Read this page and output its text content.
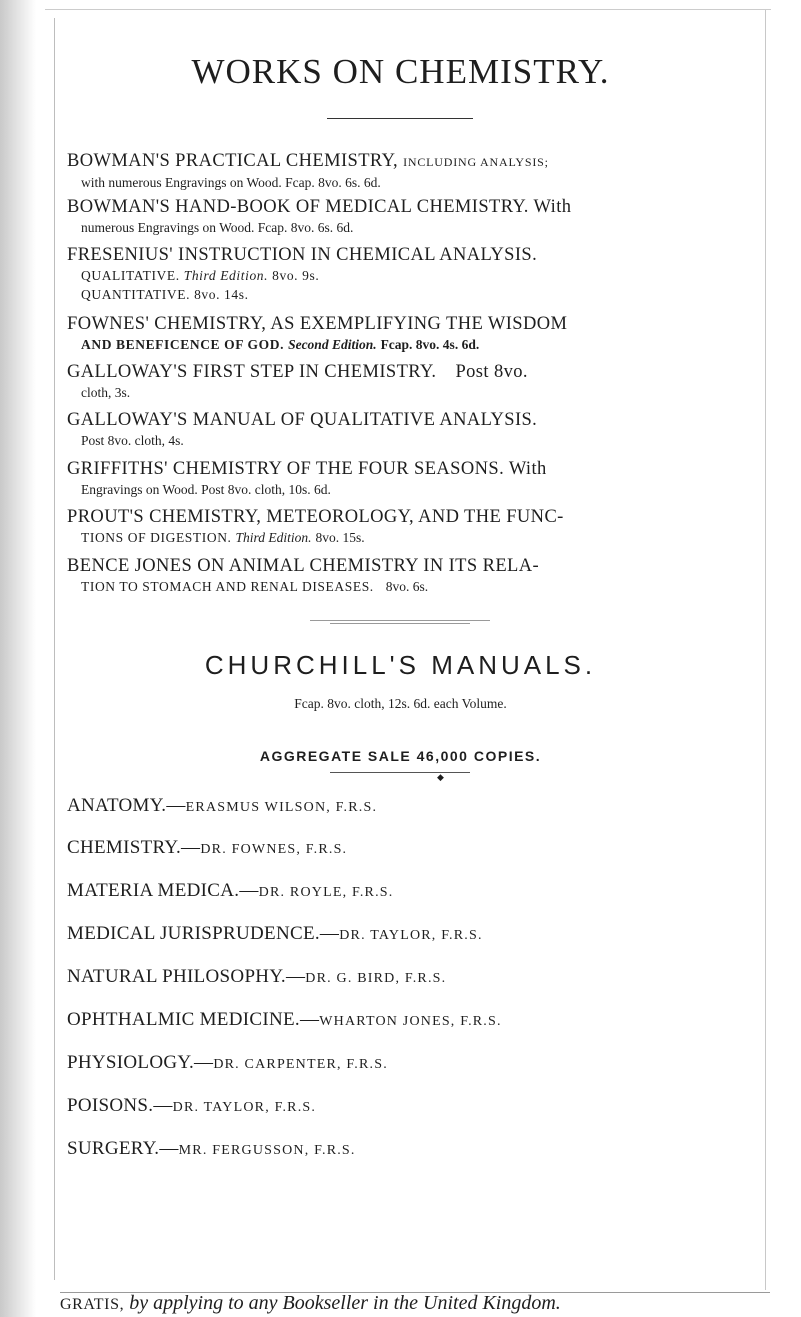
WORKS ON CHEMISTRY.
BOWMAN'S PRACTICAL CHEMISTRY, INCLUDING ANALYSIS;
with numerous Engravings on Wood. Fcap. 8vo. 6s. 6d.
BOWMAN'S HAND-BOOK OF MEDICAL CHEMISTRY. With
numerous Engravings on Wood. Fcap. 8vo. 6s. 6d.
FRESENIUS' INSTRUCTION IN CHEMICAL ANALYSIS.
QUALITATIVE. Third Edition. 8vo. 9s.
QUANTITATIVE. 8vo. 14s.
FOWNES' CHEMISTRY, AS EXEMPLIFYING THE WISDOM
AND BENEFICENCE OF GOD. Second Edition. Fcap. 8vo. 4s. 6d.
GALLOWAY'S FIRST STEP IN CHEMISTRY. Post 8vo.
cloth, 3s.
GALLOWAY'S MANUAL OF QUALITATIVE ANALYSIS.
Post 8vo. cloth, 4s.
GRIFFITHS' CHEMISTRY OF THE FOUR SEASONS. With
Engravings on Wood. Post 8vo. cloth, 10s. 6d.
PROUT'S CHEMISTRY, METEOROLOGY, AND THE FUNC-
TIONS OF DIGESTION. Third Edition. 8vo. 15s.
BENCE JONES ON ANIMAL CHEMISTRY IN ITS RELA-
TION TO STOMACH AND RENAL DISEASES. 8vo. 6s.
CHURCHILL'S MANUALS.
Fcap. 8vo. cloth, 12s. 6d. each Volume.
AGGREGATE SALE 46,000 COPIES.
◆
ANATOMY.—ERASMUS WILSON, F.R.S.
CHEMISTRY.—DR. FOWNES, F.R.S.
MATERIA MEDICA.—DR. ROYLE, F.R.S.
MEDICAL JURISPRUDENCE.—DR. TAYLOR, F.R.S.
NATURAL PHILOSOPHY.—DR. G. BIRD, F.R.S.
OPHTHALMIC MEDICINE.—WHARTON JONES, F.R.S.
PHYSIOLOGY.—DR. CARPENTER, F.R.S.
POISONS.—DR. TAYLOR, F.R.S.
SURGERY.—MR. FERGUSSON, F.R.S.
GRATIS, by applying to any Bookseller in the United Kingdom.
